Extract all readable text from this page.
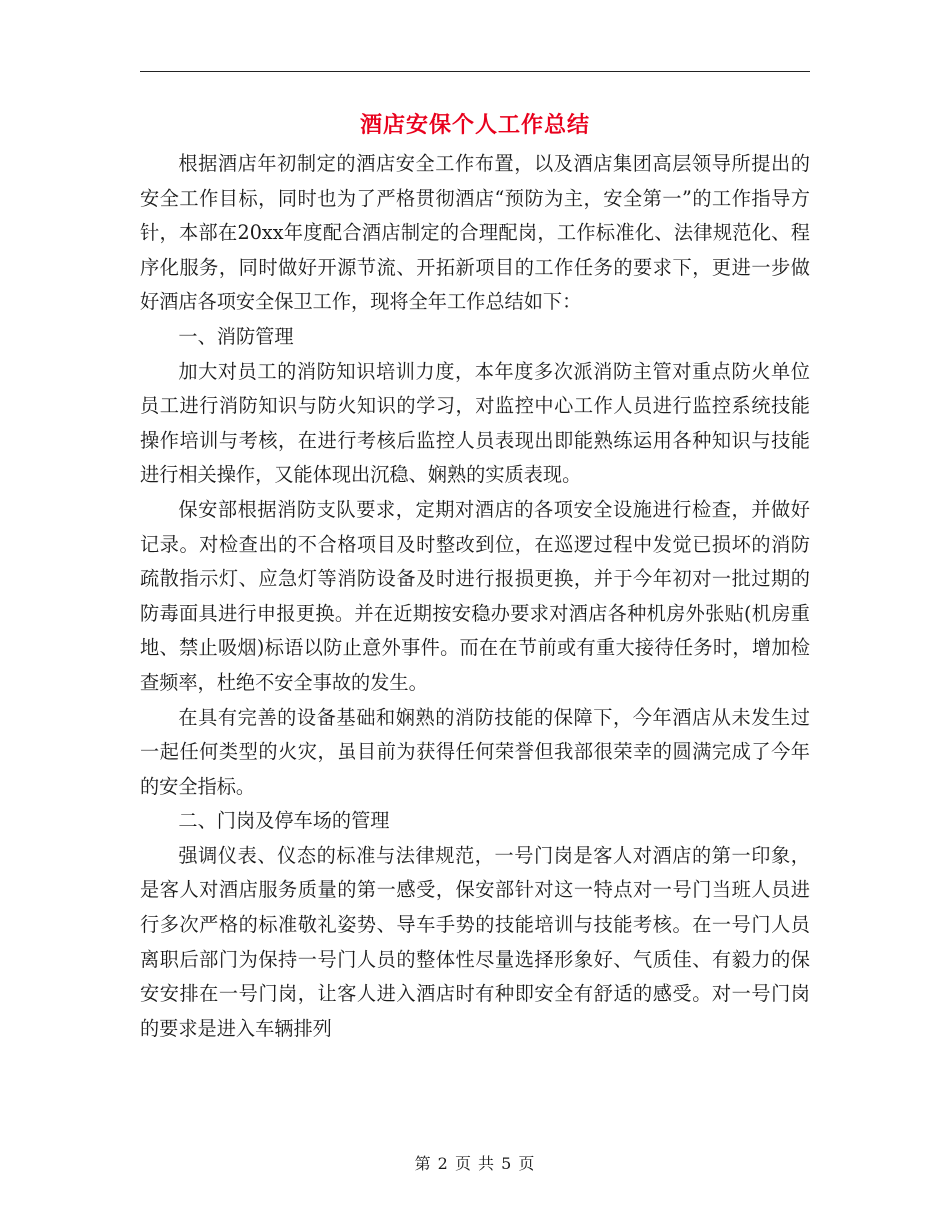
酒店安保个人工作总结

根据酒店年初制定的酒店安全工作布置，以及酒店集团高层领导所提出的安全工作目标，同时也为了严格贯彻酒店“预防为主，安全第一”的工作指导方针，本部在20xx年度配合酒店制定的合理配岗，工作标准化、法律规范化、程序化服务，同时做好开源节流、开拓新项目的工作任务的要求下，更进一步做好酒店各项安全保卫工作，现将全年工作总结如下：

一、消防管理

加大对员工的消防知识培训力度，本年度多次派消防主管对重点防火单位员工进行消防知识与防火知识的学习，对监控中心工作人员进行监控系统技能操作培训与考核，在进行考核后监控人员表现出即能熟练运用各种知识与技能进行相关操作，又能体现出沉稳、娴熟的实质表现。

保安部根据消防支队要求，定期对酒店的各项安全设施进行检查，并做好记录。对检查出的不合格项目及时整改到位，在巡逻过程中发觉已损坏的消防疏散指示灯、应急灯等消防设备及时进行报损更换，并于今年初对一批过期的防毒面具进行申报更换。并在近期按安稳办要求对酒店各种机房外张贴(机房重地、禁止吸烟)标语以防止意外事件。而在在节前或有重大接待任务时，增加检查频率，杜绝不安全事故的发生。

在具有完善的设备基础和娴熟的消防技能的保障下，今年酒店从未发生过一起任何类型的火灾，虽目前为获得任何荣誉但我部很荣幸的圆满完成了今年的安全指标。

二、门岗及停车场的管理

强调仪表、仪态的标准与法律规范，一号门岗是客人对酒店的第一印象，是客人对酒店服务质量的第一感受，保安部针对这一特点对一号门当班人员进行多次严格的标准敬礼姿势、导车手势的技能培训与技能考核。在一号门人员离职后部门为保持一号门人员的整体性尽量选择形象好、气质佳、有毅力的保安安排在一号门岗，让客人进入酒店时有种即安全有舒适的感受。对一号门岗的要求是进入车辆排列

第 2 页 共 5 页
